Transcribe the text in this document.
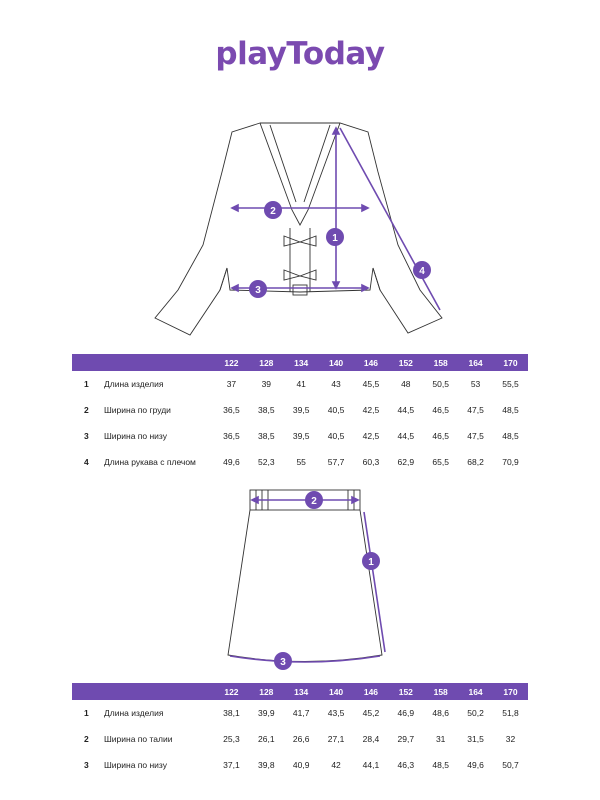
playToday
2
1
3
4
		122	128	134	140	146	152	158	164	170
1	Длина изделия	37	39	41	43	45,5	48	50,5	53	55,5
2	Ширина по груди	36,5	38,5	39,5	40,5	42,5	44,5	46,5	47,5	48,5
3	Ширина по низу	36,5	38,5	39,5	40,5	42,5	44,5	46,5	47,5	48,5
4	Длина рукава с плечом	49,6	52,3	55	57,7	60,3	62,9	65,5	68,2	70,9
2
1
3
		122	128	134	140	146	152	158	164	170
1	Длина изделия	38,1	39,9	41,7	43,5	45,2	46,9	48,6	50,2	51,8
2	Ширина по талии	25,3	26,1	26,6	27,1	28,4	29,7	31	31,5	32
3	Ширина по низу	37,1	39,8	40,9	42	44,1	46,3	48,5	49,6	50,7
